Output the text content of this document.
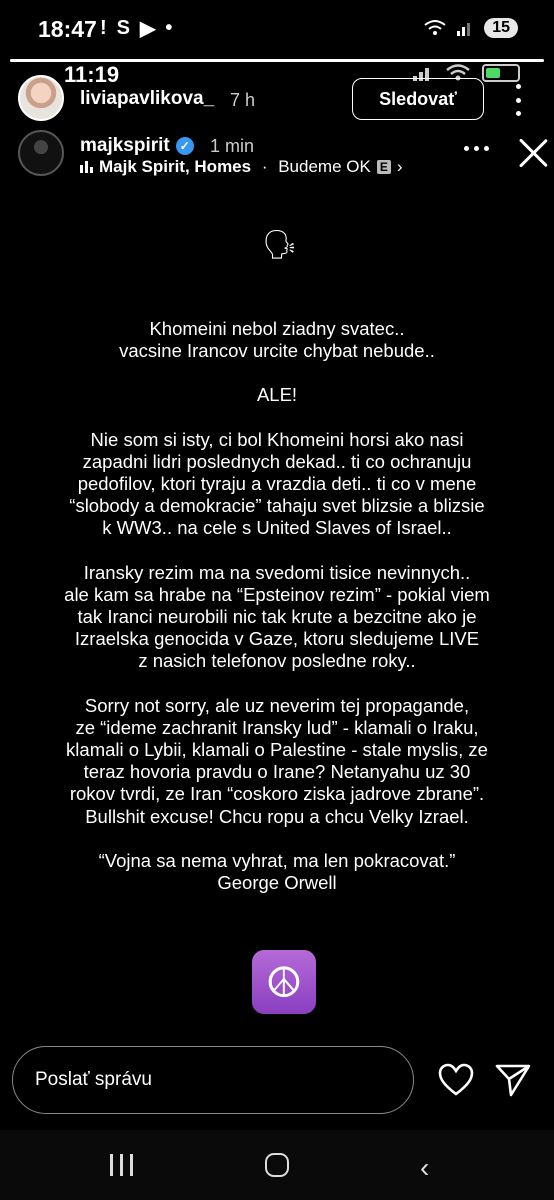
18:47 ! S ▶ •	15
11:19
liviapavlikova_ 7 h	Sledovať
majkspirit ✓ 1 min
Majk Spirit, Homes · Budeme OK E ›
🗣

Khomeini nebol ziadny svatec..
vacsine Irancov urcite chybat nebude..

ALE!

Nie som si isty, ci bol Khomeini horsi ako nasi
zapadni lidri poslednych dekad.. ti co ochranuju
pedofilov, ktori tyraju a vrazdia deti.. ti co v mene
“slobody a demokracie” tahaju svet blizsie a blizsie
k WW3.. na cele s United Slaves of Israel..

Iransky rezim ma na svedomi tisice nevinnych..
ale kam sa hrabe na “Epsteinov rezim” - pokial viem
tak Iranci neurobili nic tak krute a bezcitne ako je
Izraelska genocida v Gaze, ktoru sledujeme LIVE
z nasich telefonov posledne roky..

Sorry not sorry, ale uz neverim tej propagande,
ze “ideme zachranit Iransky lud” - klamali o Iraku,
klamali o Lybii, klamali o Palestine - stale myslis, ze
teraz hovoria pravdu o Irane? Netanyahu uz 30
rokov tvrdi, ze Iran “coskoro ziska jadrove zbrane”.
Bullshit excuse! Chcu ropu a chcu Velky Izrael.

“Vojna sa nema vyhrat, ma len pokracovat.”
George Orwell

☮
Poslať správu
‹
